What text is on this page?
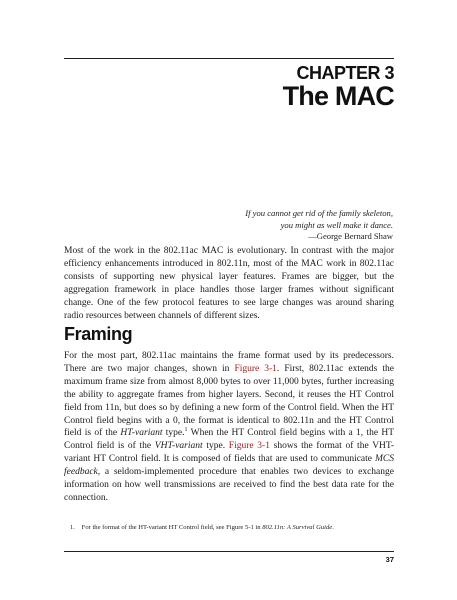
CHAPTER 3
The MAC
If you cannot get rid of the family skeleton,
you might as well make it dance.
—George Bernard Shaw

Most of the work in the 802.11ac MAC is evolutionary. In contrast with the major efficiency enhancements introduced in 802.11n, most of the MAC work in 802.11ac consists of supporting new physical layer features. Frames are bigger, but the aggregation framework in place handles those larger frames without significant change. One of the few protocol features to see large changes was around sharing radio resources between channels of different sizes.

Framing

For the most part, 802.11ac maintains the frame format used by its predecessors. There are two major changes, shown in Figure 3-1. First, 802.11ac extends the maximum frame size from almost 8,000 bytes to over 11,000 bytes, further increasing the ability to aggregate frames from higher layers. Second, it reuses the HT Control field from 11n, but does so by defining a new form of the Control field. When the HT Control field begins with a 0, the format is identical to 802.11n and the HT Control field is of the HT-variant type.$^1$ When the HT Control field begins with a 1, the HT Control field is of the VHT-variant type. Figure 3-1 shows the format of the VHT-variant HT Control field. It is composed of fields that are used to communicate MCS feedback, a seldom-implemented procedure that enables two devices to exchange information on how well transmissions are received to find the best data rate for the connection.

1. For the format of the HT-variant HT Control field, see Figure 5-1 in 802.11n: A Survival Guide.
37
